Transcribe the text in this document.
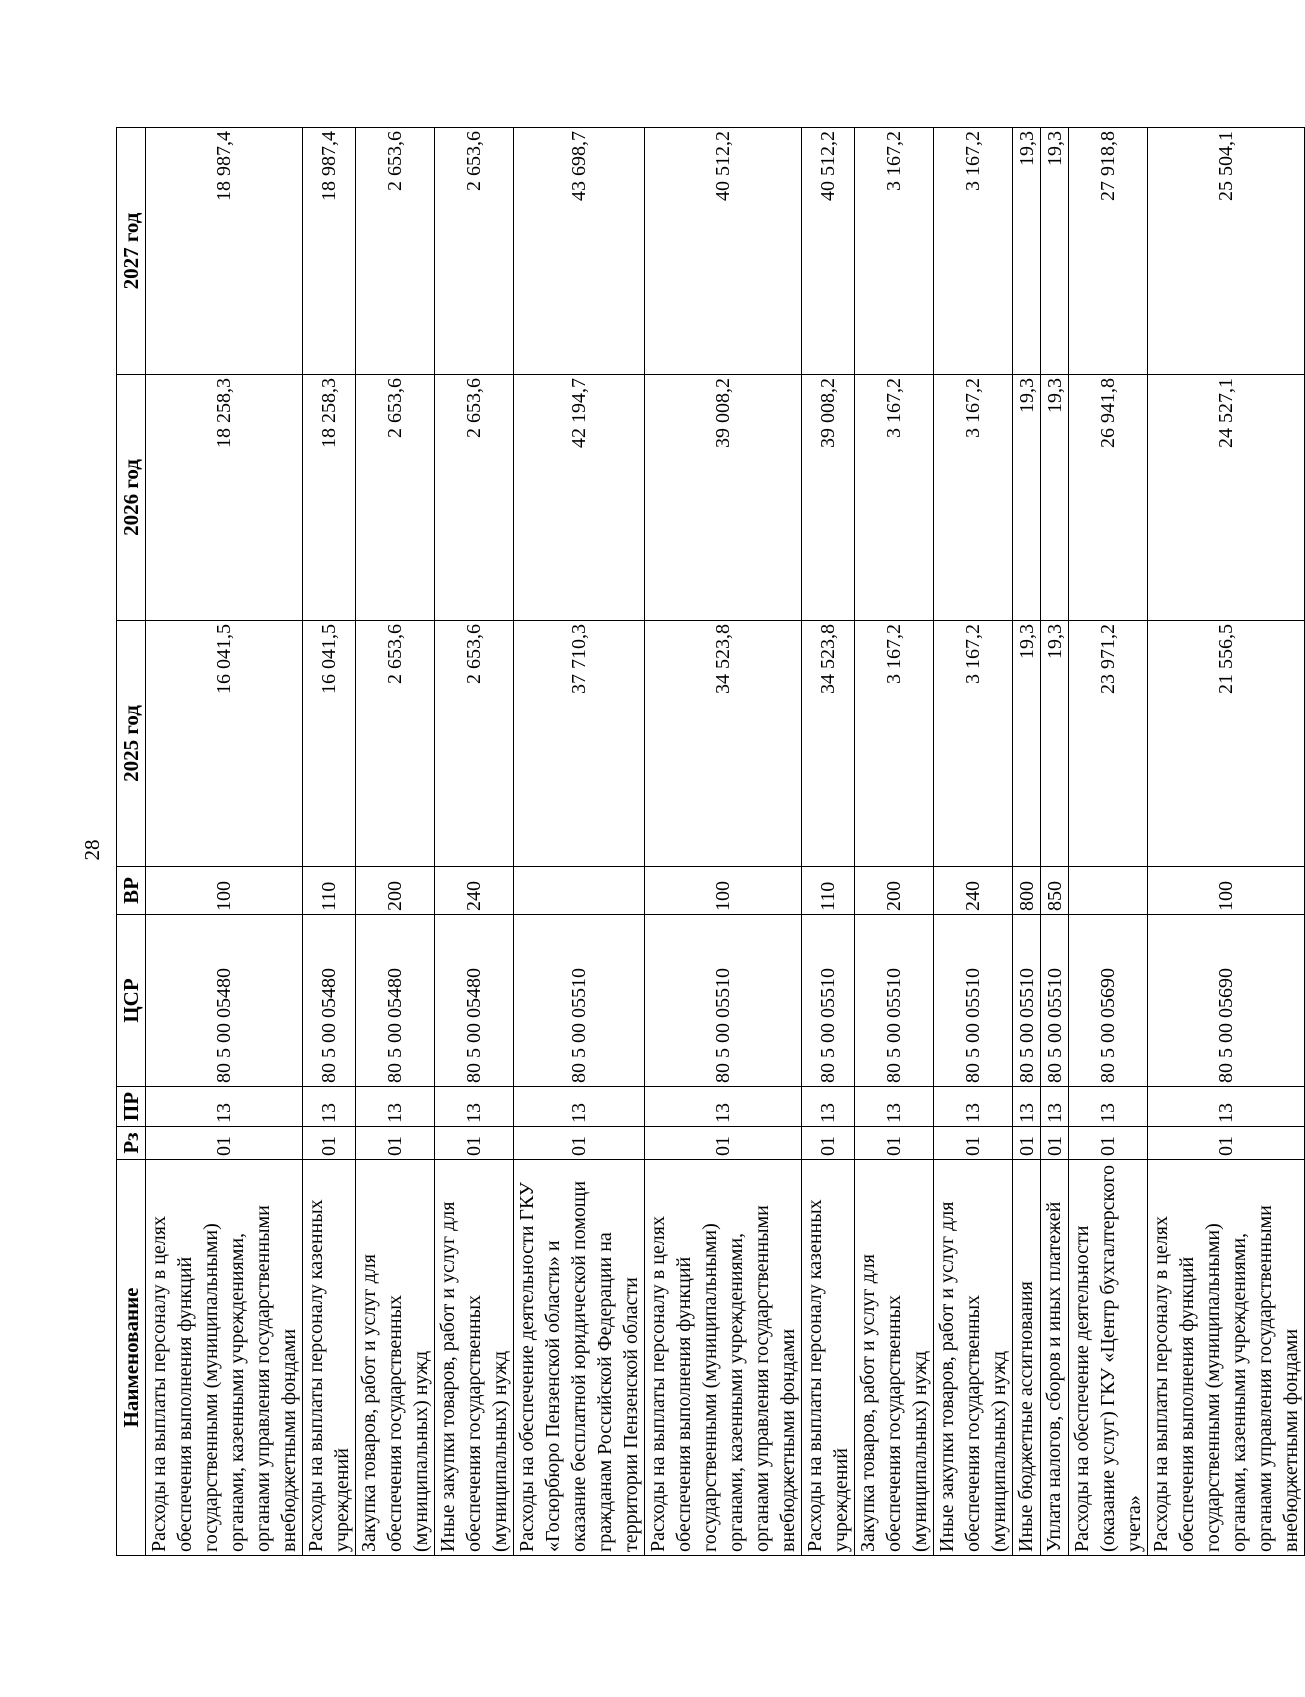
28
Наименование	Рз	ПР	ЦСР	ВР	2025 год	2026 год	2027 год
Расходы на выплаты персоналу в целях обеспечения выполнения функций государственными (муниципальными) органами, казенными учреждениями, органами управления государственными внебюджетными фондами	01	13	80 5 00 05480	100	16 041,5	18 258,3	18 987,4
Расходы на выплаты персоналу казенных учреждений	01	13	80 5 00 05480	110	16 041,5	18 258,3	18 987,4
Закупка товаров, работ и услуг для обеспечения государственных (муниципальных) нужд	01	13	80 5 00 05480	200	2 653,6	2 653,6	2 653,6
Иные закупки товаров, работ и услуг для обеспечения государственных (муниципальных) нужд	01	13	80 5 00 05480	240	2 653,6	2 653,6	2 653,6
Расходы на обеспечение деятельности ГКУ «Госюрбюро Пензенской области» и оказание бесплатной юридической помощи гражданам Российской Федерации на территории Пензенской области	01	13	80 5 00 05510		37 710,3	42 194,7	43 698,7
Расходы на выплаты персоналу в целях обеспечения выполнения функций государственными (муниципальными) органами, казенными учреждениями, органами управления государственными внебюджетными фондами	01	13	80 5 00 05510	100	34 523,8	39 008,2	40 512,2
Расходы на выплаты персоналу казенных учреждений	01	13	80 5 00 05510	110	34 523,8	39 008,2	40 512,2
Закупка товаров, работ и услуг для обеспечения государственных (муниципальных) нужд	01	13	80 5 00 05510	200	3 167,2	3 167,2	3 167,2
Иные закупки товаров, работ и услуг для обеспечения государственных (муниципальных) нужд	01	13	80 5 00 05510	240	3 167,2	3 167,2	3 167,2
Иные бюджетные ассигнования	01	13	80 5 00 05510	800	19,3	19,3	19,3
Уплата налогов, сборов и иных платежей	01	13	80 5 00 05510	850	19,3	19,3	19,3
Расходы на обеспечение деятельности (оказание услуг) ГКУ «Центр бухгалтерского учета»	01	13	80 5 00 05690		23 971,2	26 941,8	27 918,8
Расходы на выплаты персоналу в целях обеспечения выполнения функций государственными (муниципальными) органами, казенными учреждениями, органами управления государственными внебюджетными фондами	01	13	80 5 00 05690	100	21 556,5	24 527,1	25 504,1
